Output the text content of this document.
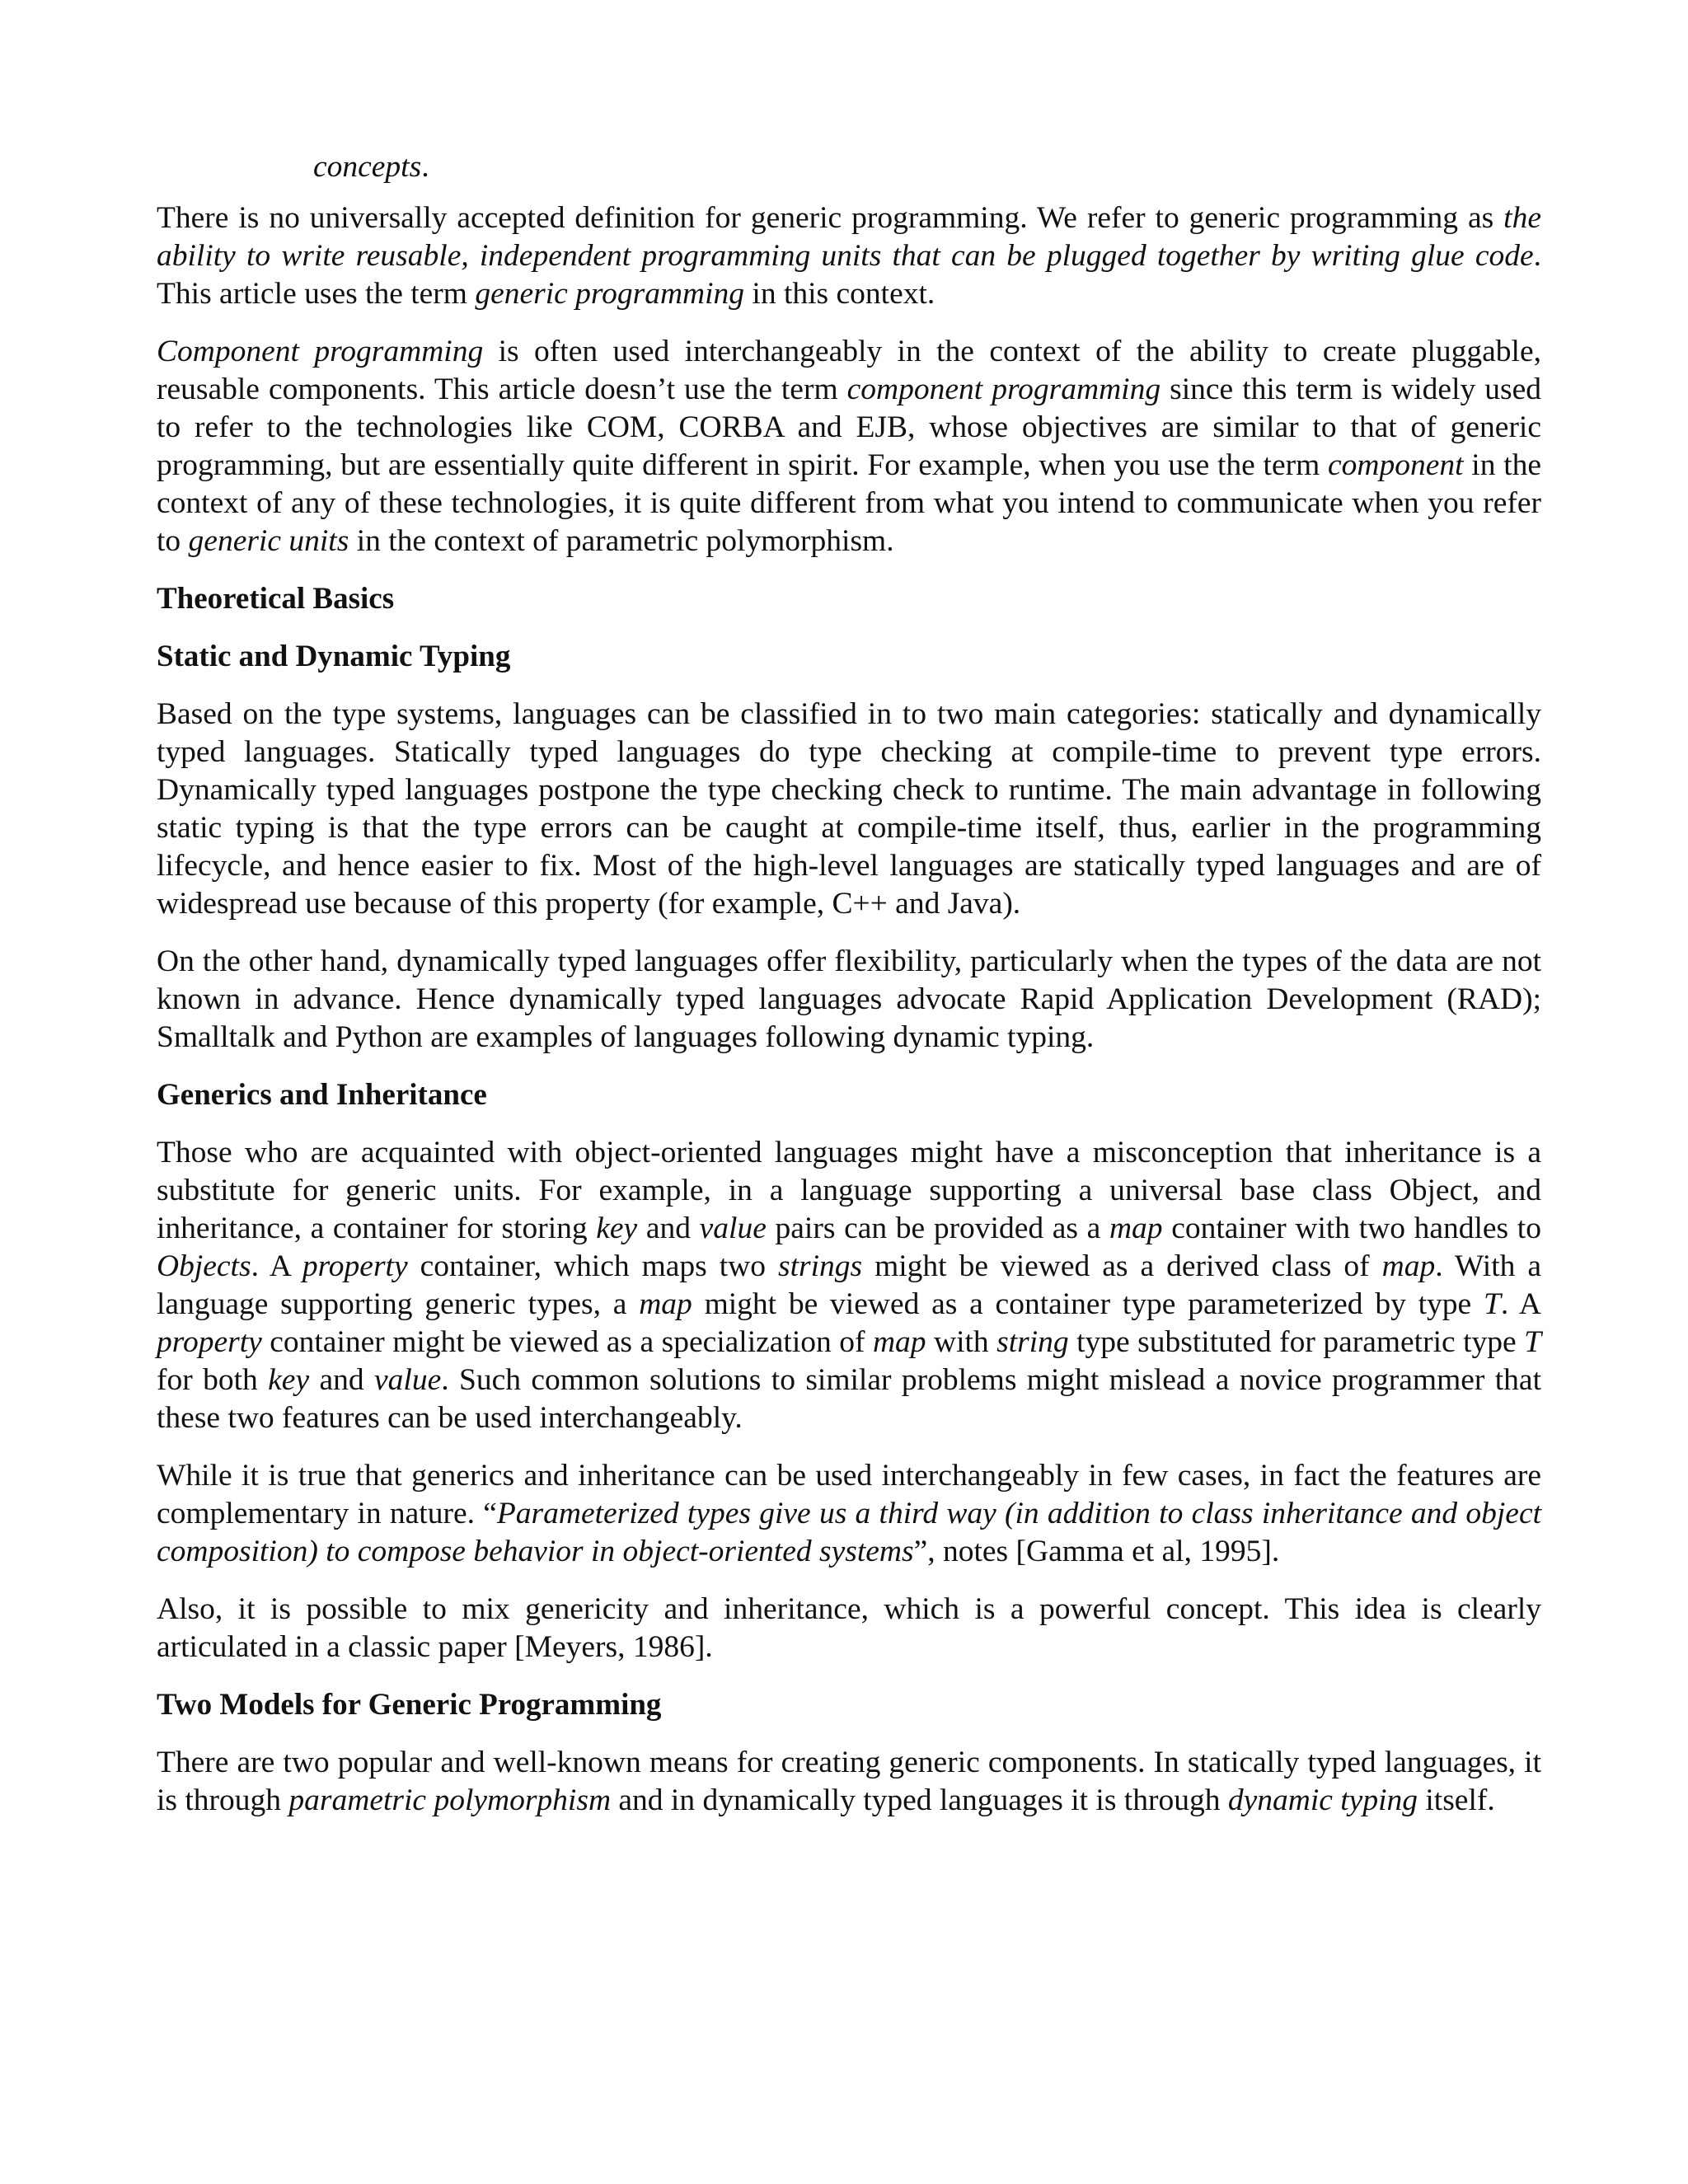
concepts.

There is no universally accepted definition for generic programming. We refer to generic programming as the ability to write reusable, independent programming units that can be plugged together by writing glue code. This article uses the term generic programming in this context.

Component programming is often used interchangeably in the context of the ability to create pluggable, reusable components. This article doesn’t use the term component programming since this term is widely used to refer to the technologies like COM, CORBA and EJB, whose objectives are similar to that of generic programming, but are essentially quite different in spirit. For example, when you use the term component in the context of any of these technologies, it is quite different from what you intend to communicate when you refer to generic units in the context of parametric polymorphism.

Theoretical Basics
Static and Dynamic Typing

Based on the type systems, languages can be classified in to two main categories: statically and dynamically typed languages. Statically typed languages do type checking at compile-time to prevent type errors. Dynamically typed languages postpone the type checking check to runtime. The main advantage in following static typing is that the type errors can be caught at compile-time itself, thus, earlier in the programming lifecycle, and hence easier to fix. Most of the high-level languages are statically typed languages and are of widespread use because of this property (for example, C++ and Java).

On the other hand, dynamically typed languages offer flexibility, particularly when the types of the data are not known in advance. Hence dynamically typed languages advocate Rapid Application Development (RAD); Smalltalk and Python are examples of languages following dynamic typing.

Generics and Inheritance

Those who are acquainted with object-oriented languages might have a misconception that inheritance is a substitute for generic units. For example, in a language supporting a universal base class Object, and inheritance, a container for storing key and value pairs can be provided as a map container with two handles to Objects. A property container, which maps two strings might be viewed as a derived class of map. With a language supporting generic types, a map might be viewed as a container type parameterized by type T. A property container might be viewed as a specialization of map with string type substituted for parametric type T for both key and value. Such common solutions to similar problems might mislead a novice programmer that these two features can be used interchangeably.

While it is true that generics and inheritance can be used interchangeably in few cases, in fact the features are complementary in nature. “Parameterized types give us a third way (in addition to class inheritance and object composition) to compose behavior in object-oriented systems”, notes [Gamma et al, 1995].

Also, it is possible to mix genericity and inheritance, which is a powerful concept. This idea is clearly articulated in a classic paper [Meyers, 1986].

Two Models for Generic Programming

There are two popular and well-known means for creating generic components. In statically typed languages, it is through parametric polymorphism and in dynamically typed languages it is through dynamic typing itself.
